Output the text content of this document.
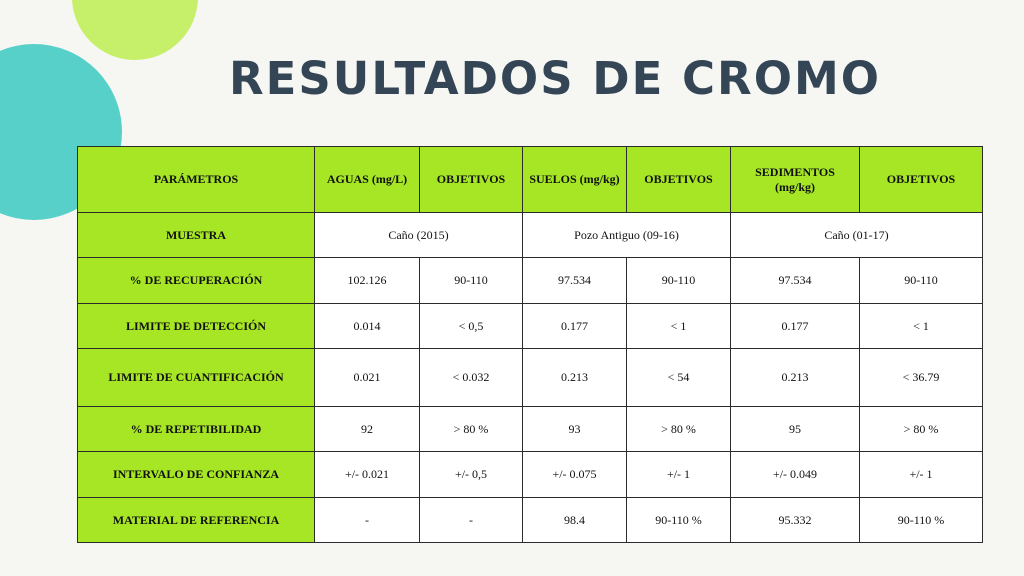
RESULTADOS DE CROMO
PARÁMETROS	AGUAS (mg/L)	OBJETIVOS	SUELOS (mg/kg)	OBJETIVOS	SEDIMENTOS (mg/kg)	OBJETIVOS
MUESTRA	Caño (2015)		Pozo Antiguo (09-16)		Caño (01-17)	
% DE RECUPERACIÓN	102.126	90-110	97.534	90-110	97.534	90-110
LIMITE DE DETECCIÓN	0.014	< 0,5	0.177	< 1	0.177	< 1
LIMITE DE CUANTIFICACIÓN	0.021	< 0.032	0.213	< 54	0.213	< 36.79
% DE REPETIBILIDAD	92	> 80 %	93	> 80 %	95	> 80 %
INTERVALO DE CONFIANZA	+/- 0.021	+/- 0,5	+/- 0.075	+/- 1	+/- 0.049	+/- 1
MATERIAL DE REFERENCIA	-	-	98.4	90-110 %	95.332	90-110 %
